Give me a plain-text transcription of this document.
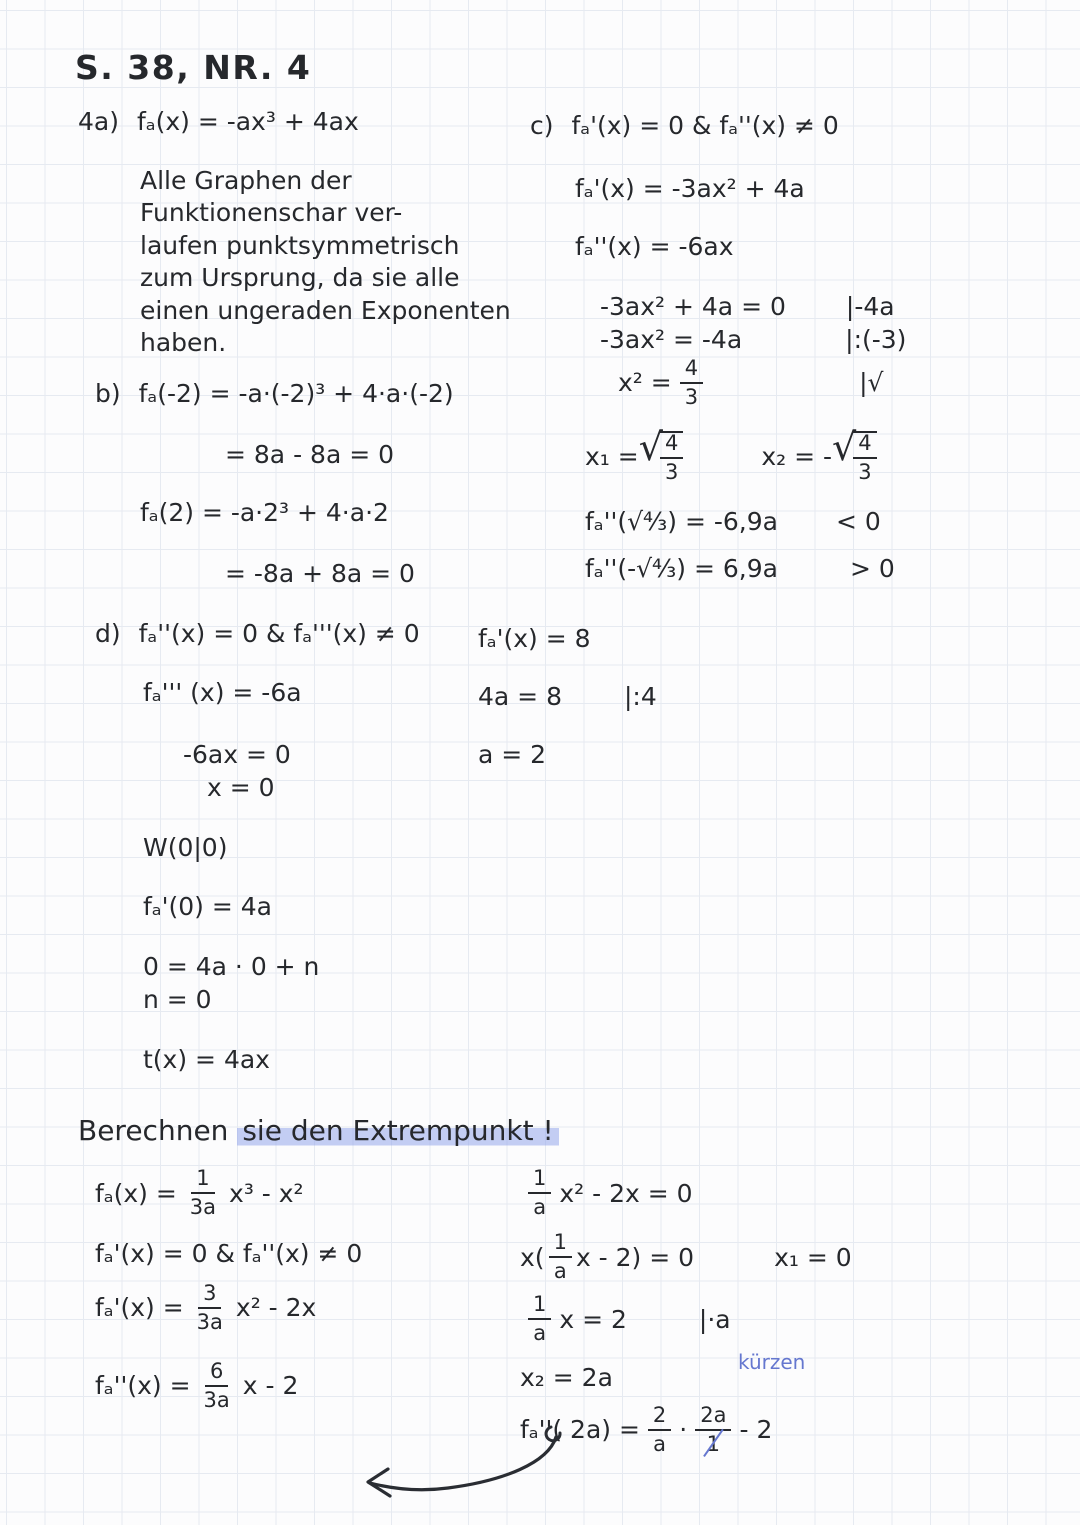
S. 38, NR. 4
4a) fₐ(x) = -ax³ + 4ax
Alle Graphen der
Funktionenschar ver-
laufen punktsymmetrisch
zum Ursprung, da sie alle
einen ungeraden Exponenten
haben.
b) fₐ(-2) = -a·(-2)³ + 4·a·(-2)
= 8a - 8a = 0
fₐ(2) = -a·2³ + 4·a·2
= -8a + 8a = 0
c) fₐ'(x) = 0 & fₐ''(x) ≠ 0
fₐ'(x) = -3ax² + 4a
fₐ''(x) = -6ax
-3ax² + 4a = 0 |-4a
-3ax² = -4a	|:(-3)
$x^2 = \frac{4}{3}$	|√
x₁ = √
$\frac{4}{3}$	x₂ = - √
$\frac{4}{3}$
fₐ''(√⁴⁄₃) = -6,9a < 0
fₐ''(-√⁴⁄₃) = 6,9a	> 0
d) fₐ''(x) = 0 & fₐ'''(x) ≠ 0
fₐ''' (x) = -6a
-6ax = 0
x = 0
W(0|0)
fₐ'(0) = 4a
0 = 4a · 0 + n
n = 0
t(x) = 4ax
fₐ'(x) = 8
4a = 8 |:4
a = 2
Berechnen sie den Extrempunkt !
$f_a(x) = \frac{1}{3a} x^3 - x^2$
fₐ'(x) = 0 & fₐ''(x) ≠ 0
$f_a'(x) = \frac{3}{3a} x^2 - 2x$
$f_a''(x) = \frac{6}{3a}$ x - 2
$\frac{1}{a} x^2 - 2x = 0$
$x( \frac{1}{a}$ x - 2) = 0	x₁ = 0
$\frac{1}{a}$ x = 2	|·a
x₂ = 2a
kürzen
fₐ''( $2a) = \frac{2}{a} \cdot \frac{2a}{1} - 2$
